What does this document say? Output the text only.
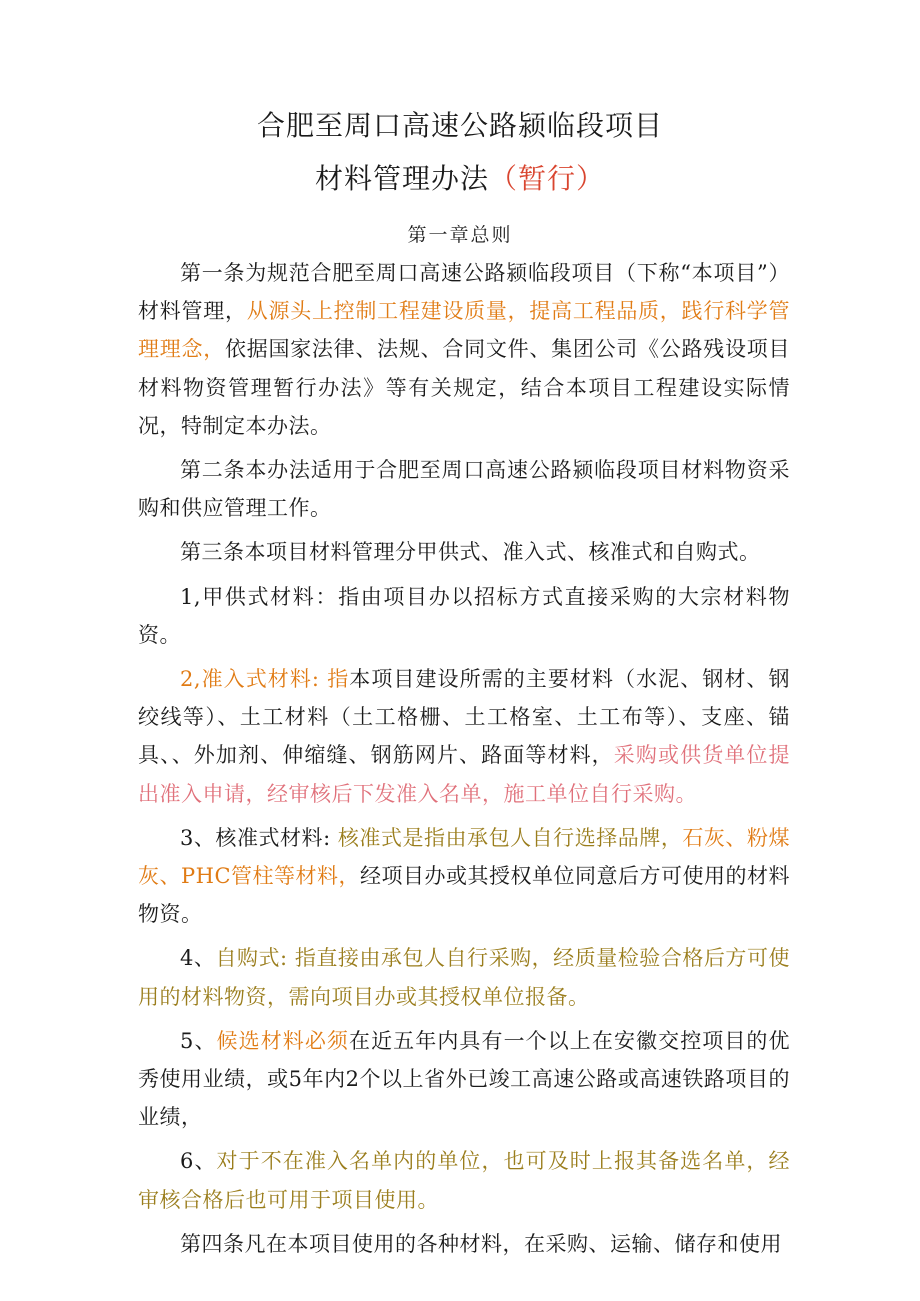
合肥至周口高速公路颍临段项目
材料管理办法（暂行）
第一章总则

第一条为规范合肥至周口高速公路颍临段项目（下称“本项目”）材料管理，从源头上控制工程建设质量，提高工程品质，践行科学管理理念，依据国家法律、法规、合同文件、集团公司《公路残设项目材料物资管理暂行办法》等有关规定，结合本项目工程建设实际情况，特制定本办法。

第二条本办法适用于合肥至周口高速公路颍临段项目材料物资采购和供应管理工作。

第三条本项目材料管理分甲供式、准入式、核准式和自购式。

1,甲供式材料：指由项目办以招标方式直接采购的大宗材料物资。

2,准入式材料: 指本项目建设所需的主要材料（水泥、钢材、钢绞线等）、土工材料（土工格栅、土工格室、土工布等）、支座、锚具、、外加剂、伸缩缝、钢筋网片、路面等材料，采购或供货单位提出准入申请，经审核后下发准入名单，施工单位自行采购。

3、核准式材料: 核准式是指由承包人自行选择品牌，石灰、粉煤灰、PHC管柱等材料，经项目办或其授权单位同意后方可使用的材料物资。

4、自购式: 指直接由承包人自行采购，经质量检验合格后方可使用的材料物资，需向项目办或其授权单位报备。

5、候选材料必须在近五年内具有一个以上在安徽交控项目的优秀使用业绩，或5年内2个以上省外已竣工高速公路或高速铁路项目的业绩，

6、对于不在准入名单内的单位，也可及时上报其备选名单，经审核合格后也可用于项目使用。

第四条凡在本项目使用的各种材料，在采购、运输、储存和使用
